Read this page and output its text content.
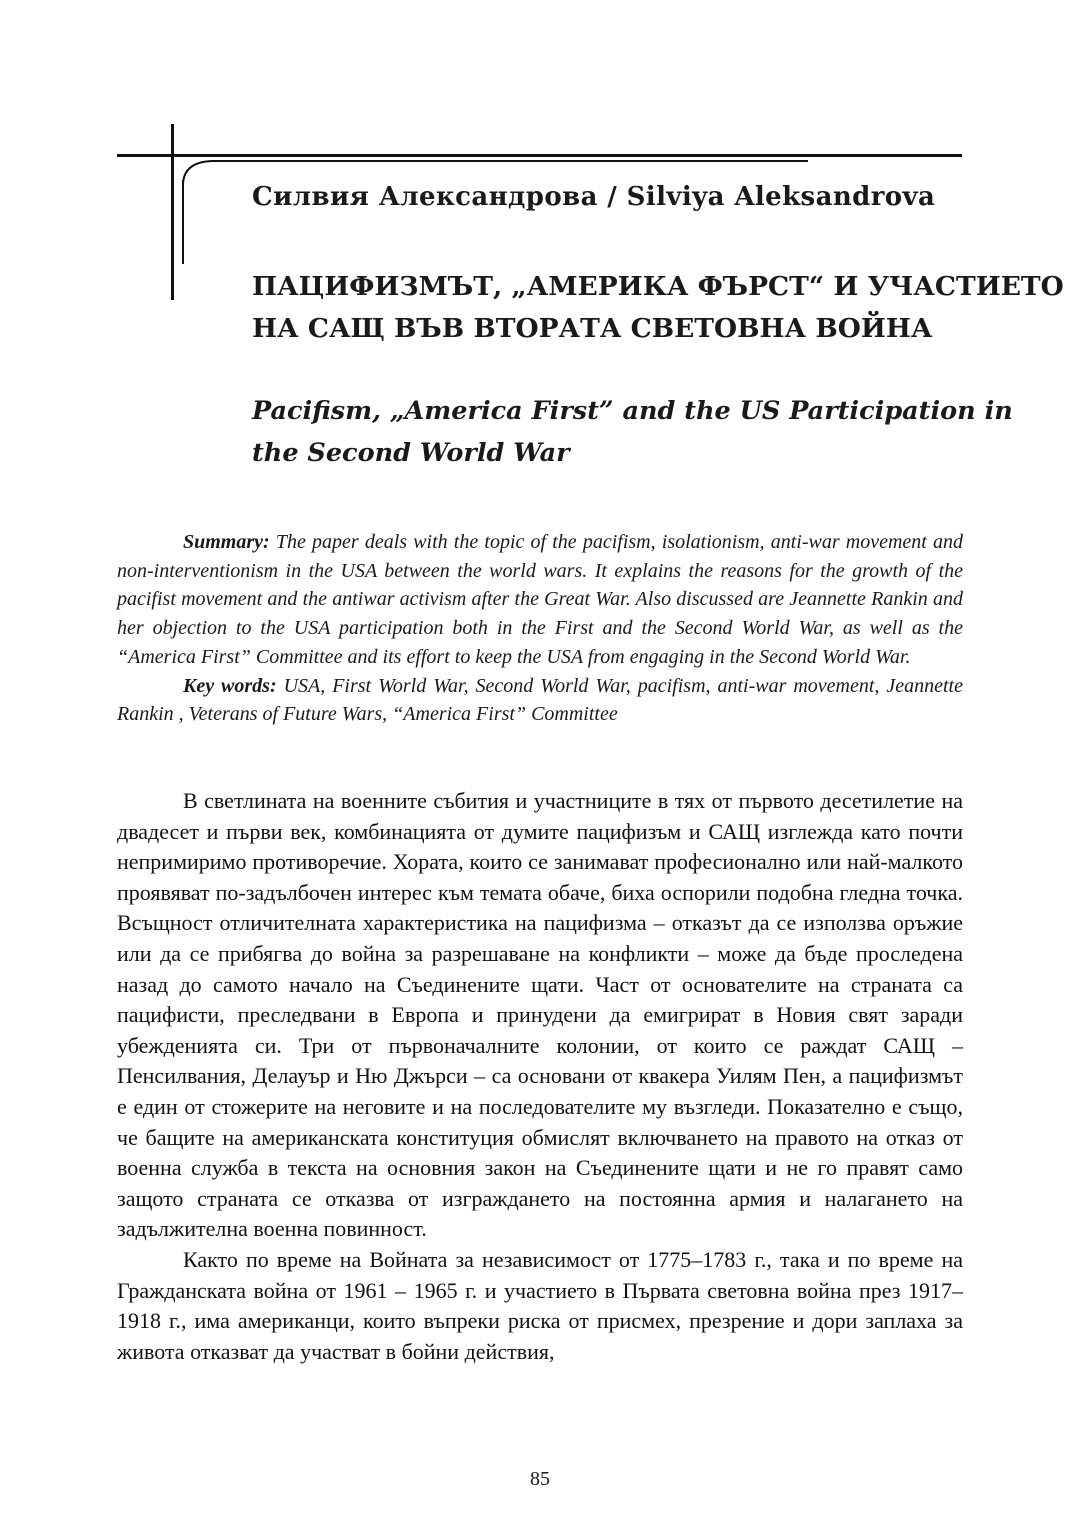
Силвия Александрова / Silviya Aleksandrova
ПАЦИФИЗМЪТ, „АМЕРИКА ФЪРСТ“ И УЧАСТИЕТО
НА САЩ ВЪВ ВТОРАТА СВЕТОВНА ВОЙНА
Pacifism, „America First” and the US Participation in
the Second World War

Summary: The paper deals with the topic of the pacifism, isolationism, anti-war movement and non-interventionism in the USA between the world wars. It explains the reasons for the growth of the pacifist movement and the antiwar activism after the Great War. Also discussed are Jeannette Rankin and her objection to the USA participation both in the First and the Second World War, as well as the “America First” Committee and its effort to keep the USA from engaging in the Second World War.

Key words: USA, First World War, Second World War, pacifism, anti-war movement, Jeannette Rankin , Veterans of Future Wars, “America First” Committee

В светлината на военните събития и участниците в тях от първото десетилетие на двадесет и първи век, комбинацията от думите пацифизъм и САЩ изглежда като почти непримиримо противоречие. Хората, които се занимават професионално или най-малкото проявяват по-задълбочен интерес към темата обаче, биха оспорили подобна гледна точка. Всъщност отличителната характеристика на пацифизма – отказът да се използва оръжие или да се прибягва до война за разрешаване на конфликти – може да бъде проследена назад до самото начало на Съединените щати. Част от основателите на страната са пацифисти, преследвани в Европа и принудени да емигрират в Новия свят заради убежденията си. Три от първоначалните колонии, от които се раждат САЩ – Пенсилвания, Делауър и Ню Джърси – са основани от квакера Уилям Пен, а пацифизмът е един от стожерите на неговите и на последователите му възгледи. Показателно е също, че бащите на американската конституция обмислят включването на правото на отказ от военна служба в текста на основния закон на Съединените щати и не го правят само защото страната се отказва от изграждането на постоянна армия и налагането на задължителна военна повинност.

Както по време на Войната за независимост от 1775–1783 г., така и по време на Гражданската война от 1961 – 1965 г. и участието в Първата световна война през 1917–1918 г., има американци, които въпреки риска от присмех, презрение и дори заплаха за живота отказват да участват в бойни действия,

85
